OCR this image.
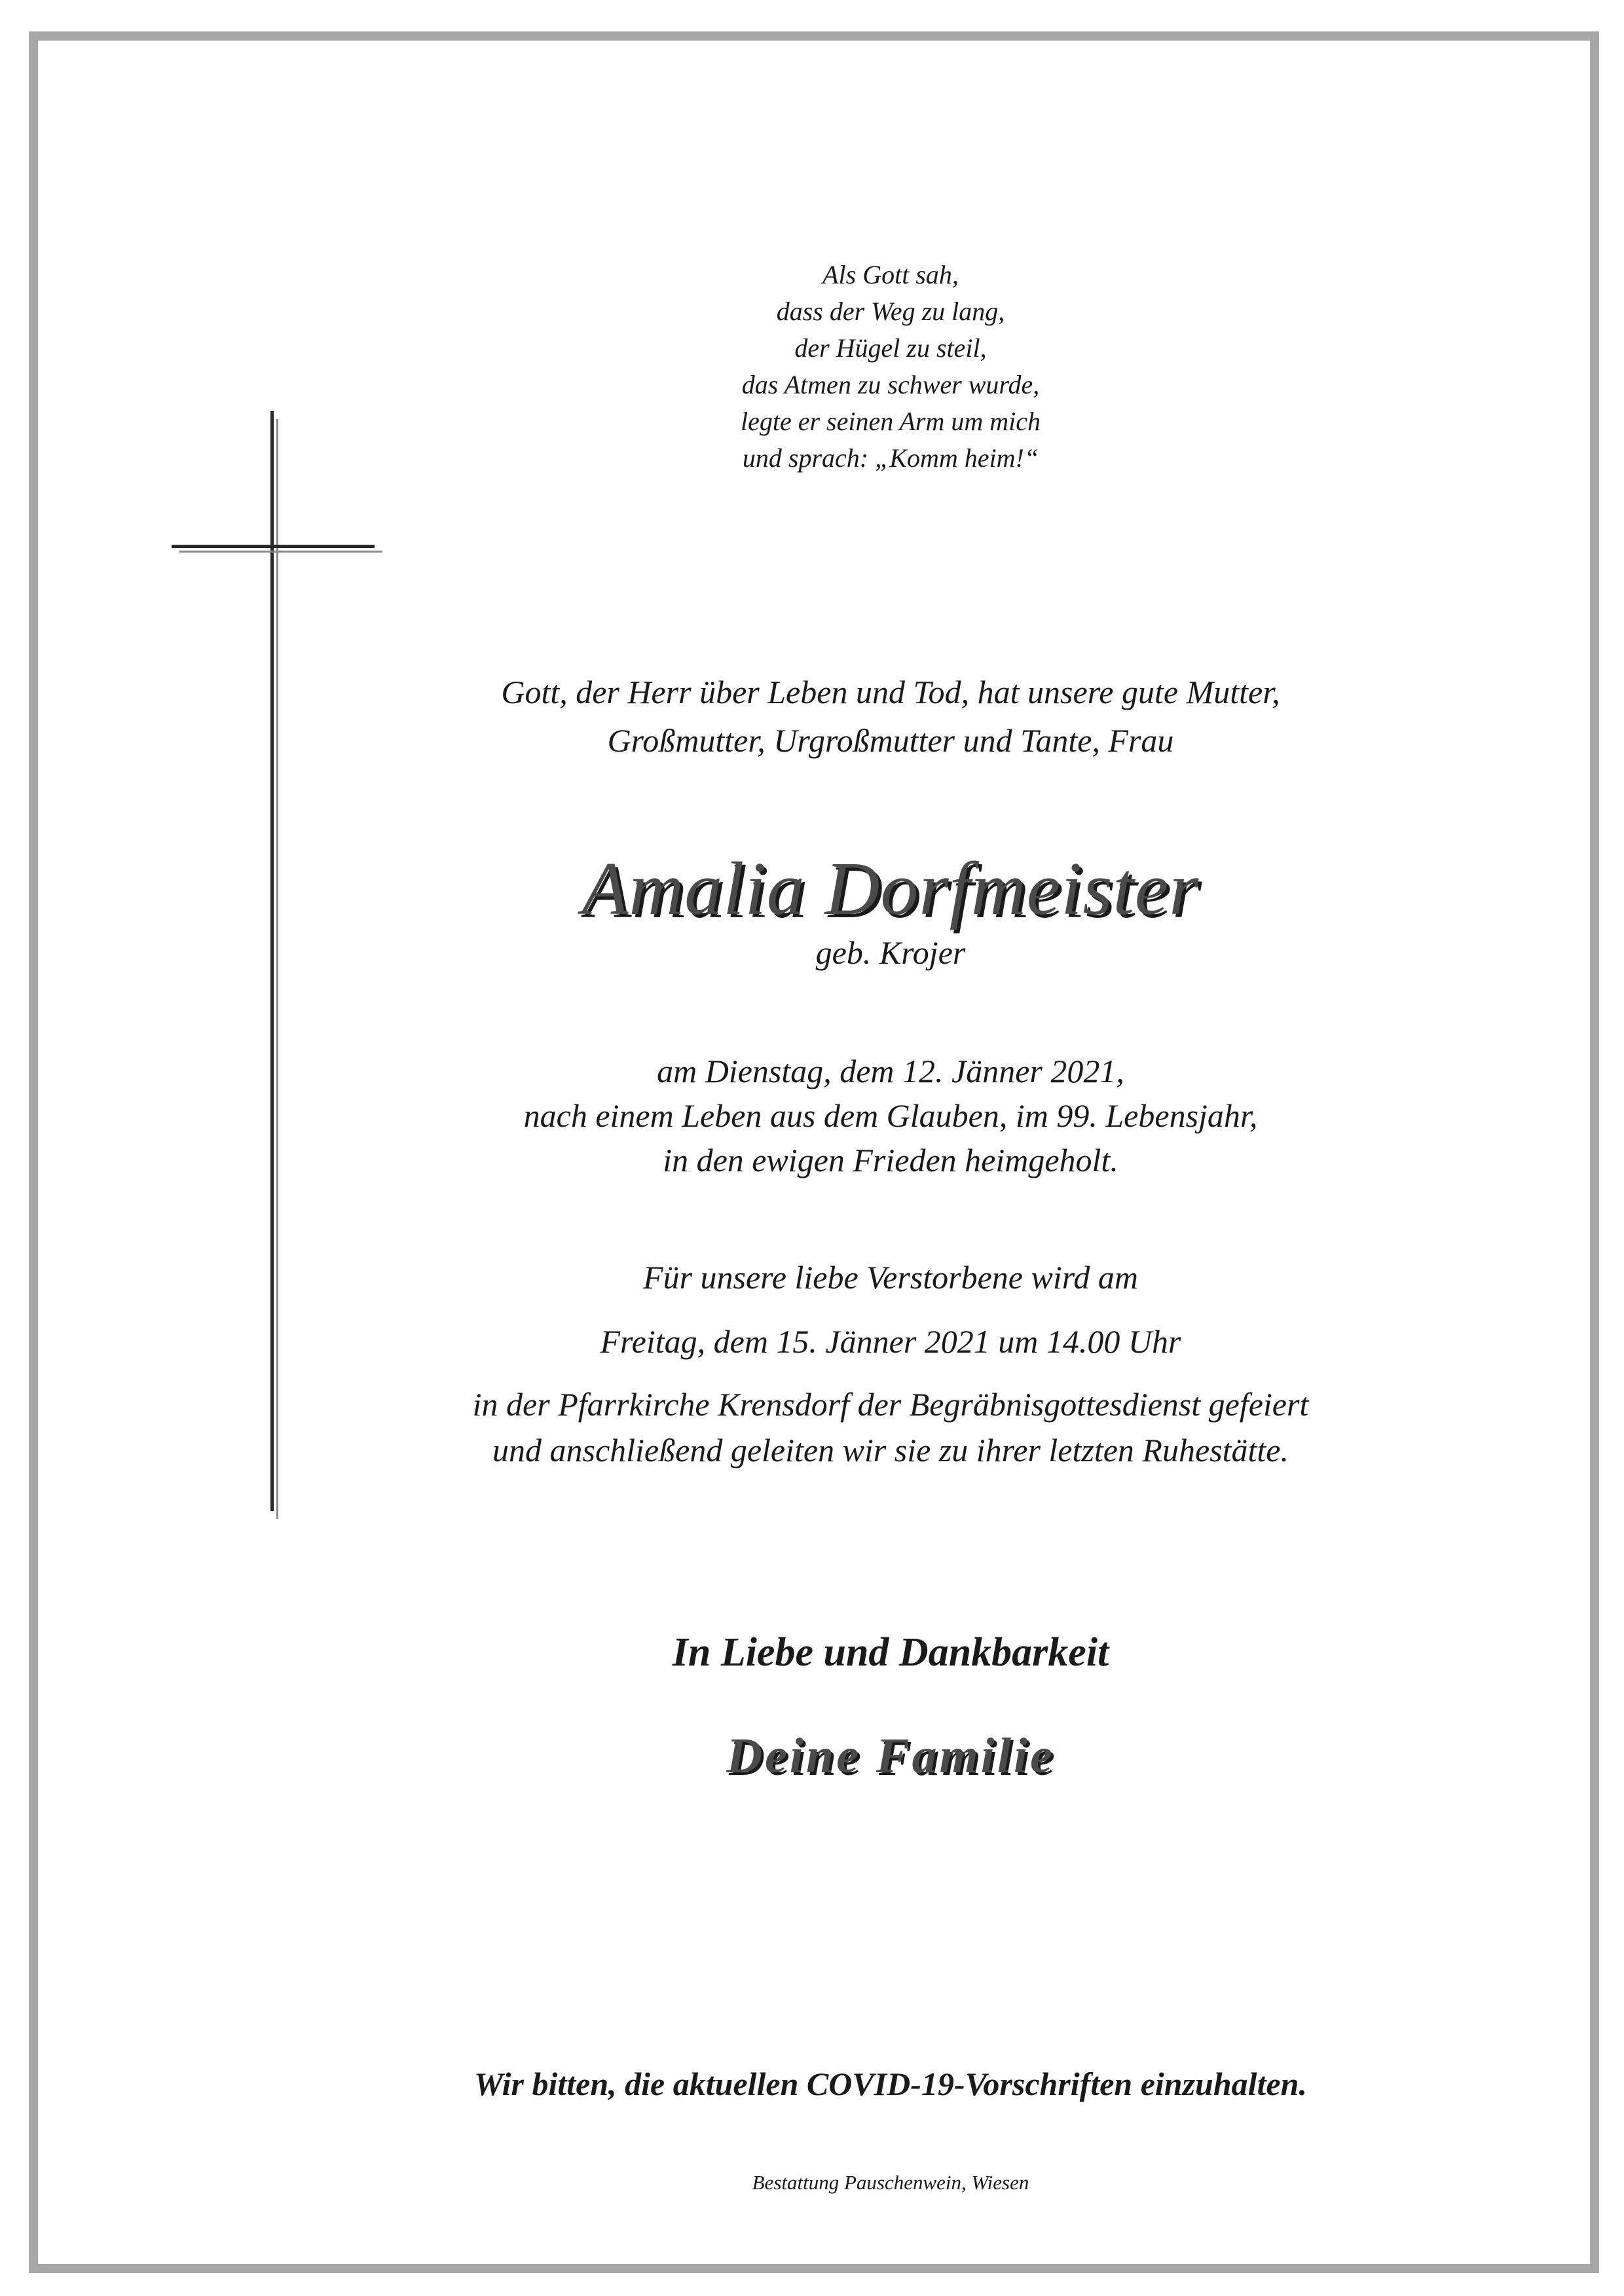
Als Gott sah,
dass der Weg zu lang,
der Hügel zu steil,
das Atmen zu schwer wurde,
legte er seinen Arm um mich
und sprach: „Komm heim!“
Gott, der Herr über Leben und Tod, hat unsere gute Mutter,
Großmutter, Urgroßmutter und Tante, Frau
Amalia Dorfmeister
geb. Krojer
am Dienstag, dem 12. Jänner 2021,
nach einem Leben aus dem Glauben, im 99. Lebensjahr,
in den ewigen Frieden heimgeholt.
Für unsere liebe Verstorbene wird am
Freitag, dem 15. Jänner 2021 um 14.00 Uhr
in der Pfarrkirche Krensdorf der Begräbnisgottesdienst gefeiert
und anschließend geleiten wir sie zu ihrer letzten Ruhestätte.
In Liebe und Dankbarkeit
Deine Familie
Wir bitten, die aktuellen COVID-19-Vorschriften einzuhalten.
Bestattung Pauschenwein, Wiesen
